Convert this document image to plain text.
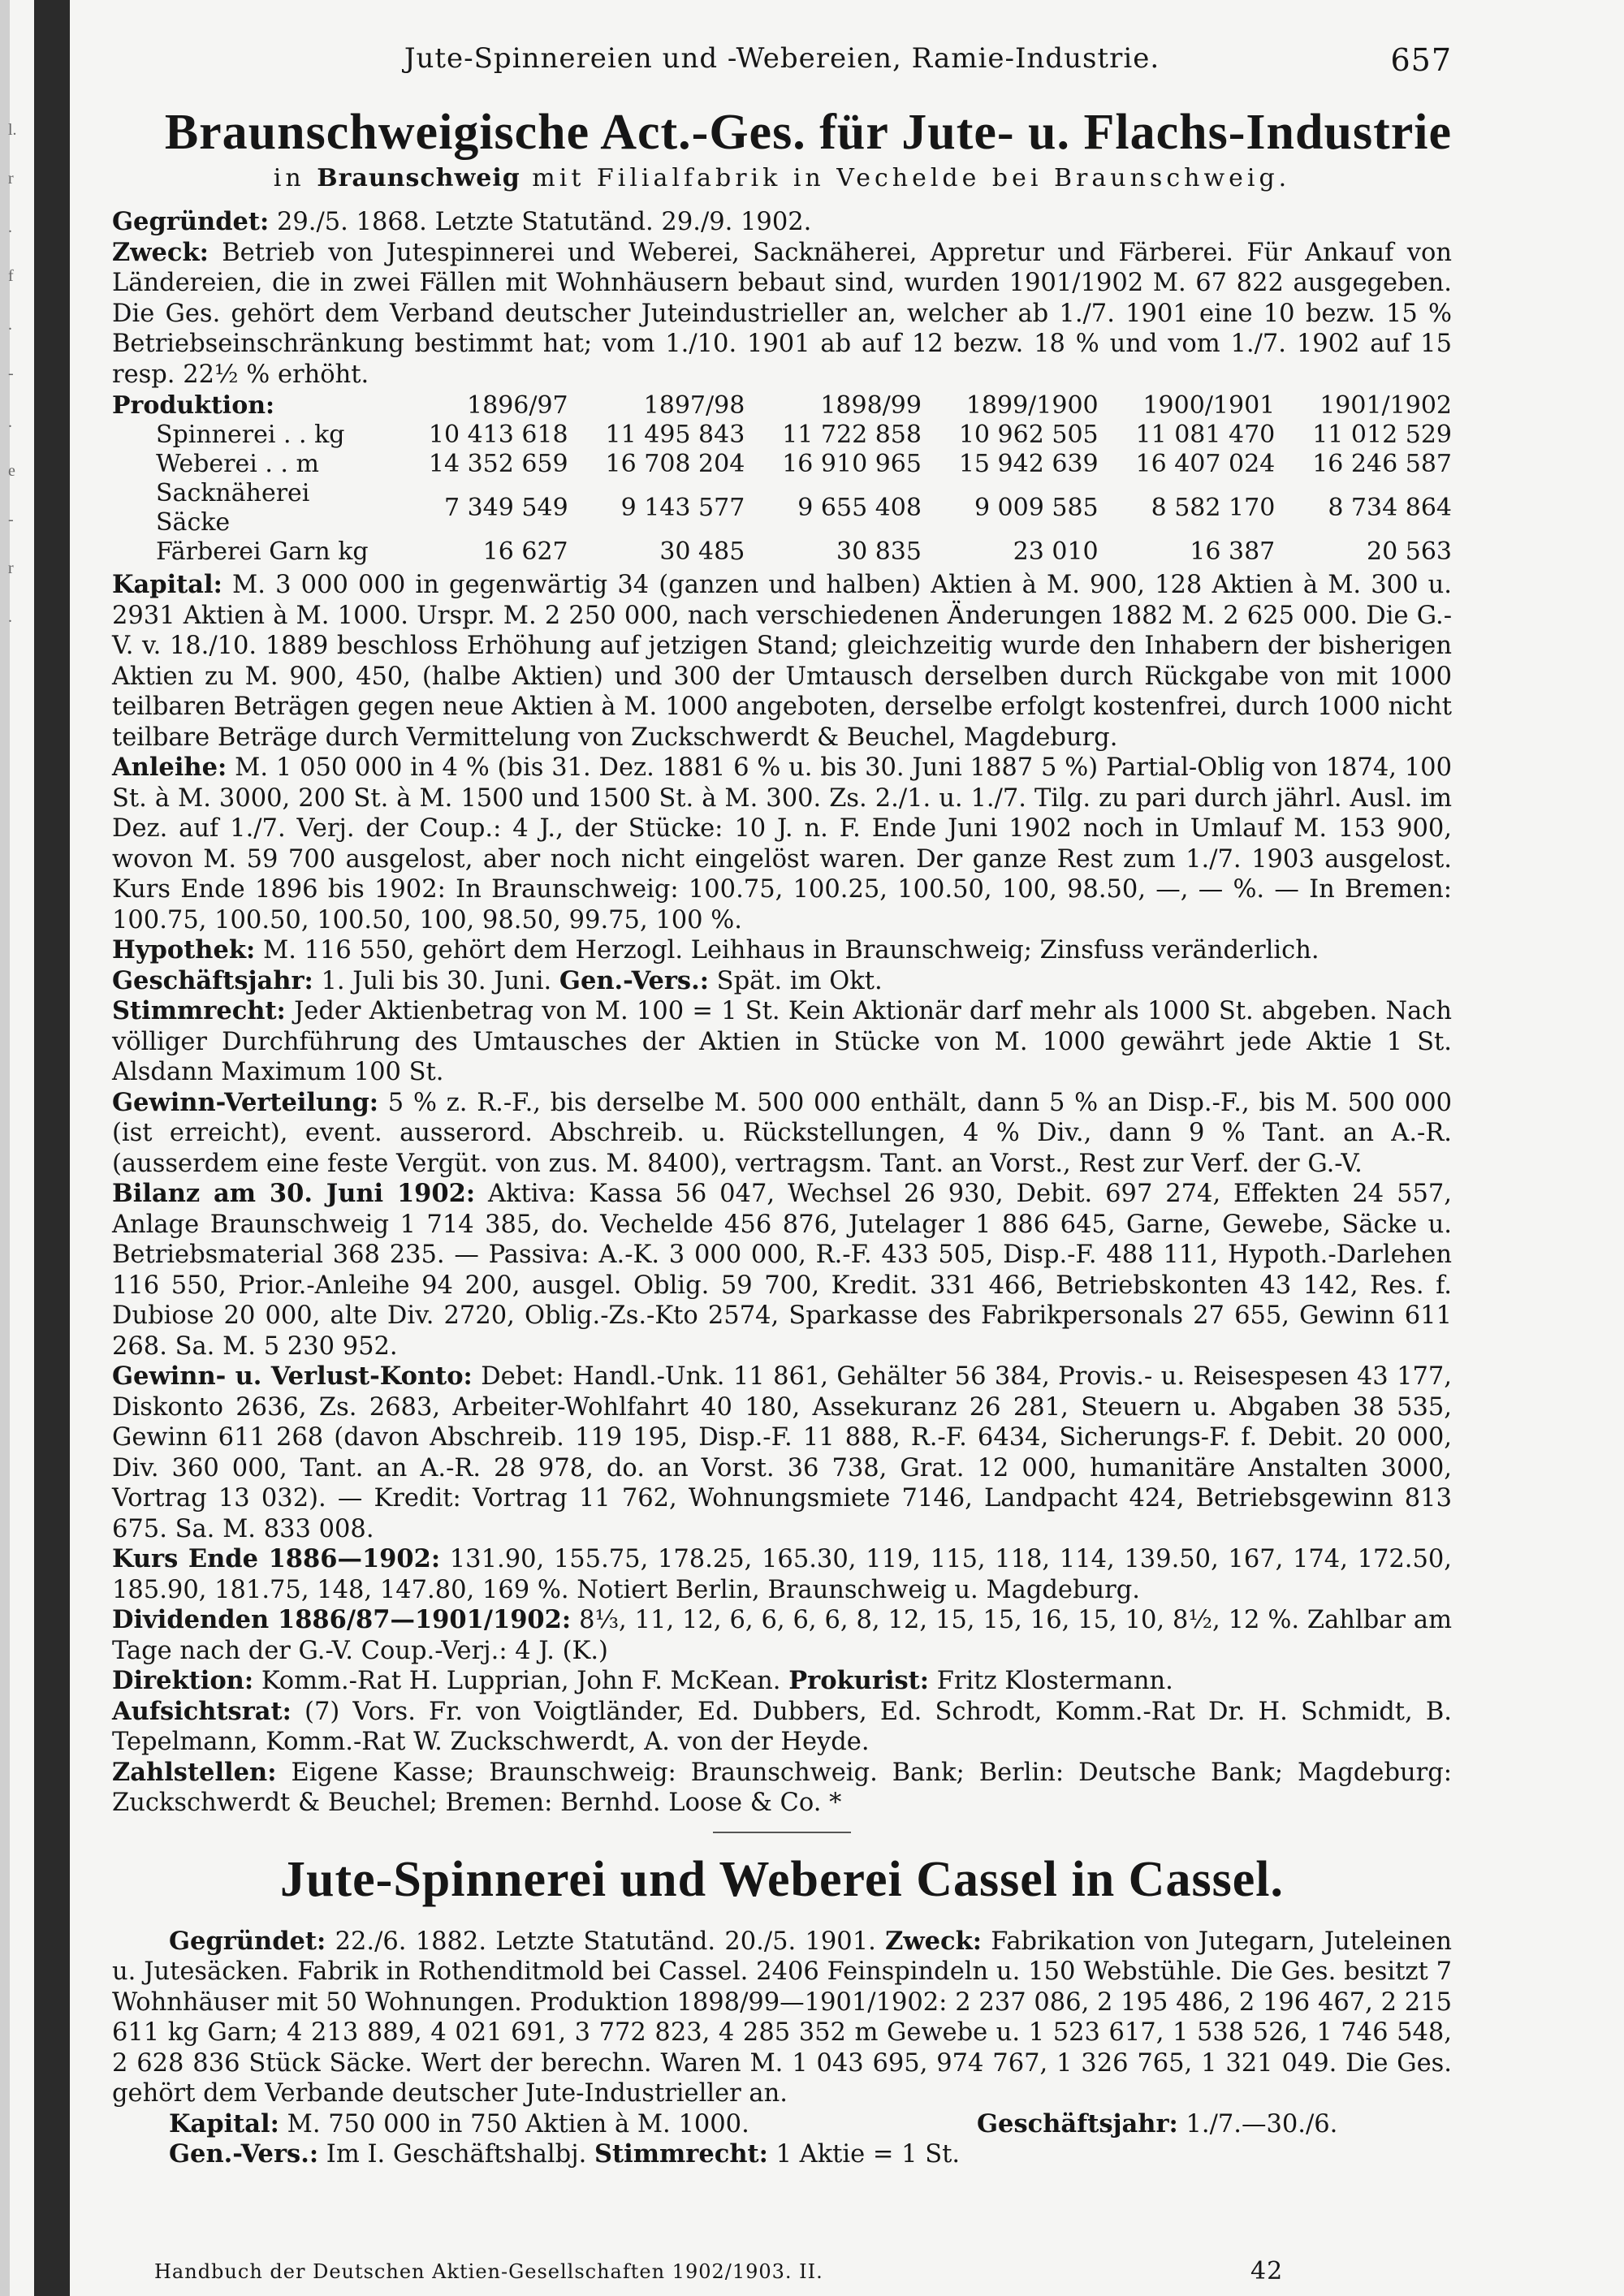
l.
r
.
f
.
-
.
e
-
r
.
Jute-Spinnereien und -Webereien, Ramie-Industrie.	657
Braunschweigische Act.-Ges. für Jute- u. Flachs-Industrie
in Braunschweig mit Filialfabrik in Vechelde bei Braunschweig.
Gegründet: 29./5. 1868. Letzte Statutänd. 29./9. 1902.
Zweck: Betrieb von Jutespinnerei und Weberei, Sacknäherei, Appretur und Färberei. Für Ankauf von Ländereien, die in zwei Fällen mit Wohnhäusern bebaut sind, wurden 1901/1902 M. 67 822 ausgegeben. Die Ges. gehört dem Verband deutscher Juteindustrieller an, welcher ab 1./7. 1901 eine 10 bezw. 15 % Betriebseinschränkung bestimmt hat; vom 1./10. 1901 ab auf 12 bezw. 18 % und vom 1./7. 1902 auf 15 resp. 22½ % erhöht.
Produktion:	1896/97	1897/98	1898/99	1899/1900	1900/1901	1901/1902
Spinnerei . . kg	10 413 618	11 495 843	11 722 858	10 962 505	11 081 470	11 012 529
Weberei . . m	14 352 659	16 708 204	16 910 965	15 942 639	16 407 024	16 246 587
Sacknäherei Säcke	7 349 549	9 143 577	9 655 408	9 009 585	8 582 170	8 734 864
Färberei Garn kg	16 627	30 485	30 835	23 010	16 387	20 563
Kapital: M. 3 000 000 in gegenwärtig 34 (ganzen und halben) Aktien à M. 900, 128 Aktien à M. 300 u. 2931 Aktien à M. 1000. Urspr. M. 2 250 000, nach verschiedenen Änderungen 1882 M. 2 625 000. Die G.-V. v. 18./10. 1889 beschloss Erhöhung auf jetzigen Stand; gleichzeitig wurde den Inhabern der bisherigen Aktien zu M. 900, 450, (halbe Aktien) und 300 der Umtausch derselben durch Rückgabe von mit 1000 teilbaren Beträgen gegen neue Aktien à M. 1000 angeboten, derselbe erfolgt kostenfrei, durch 1000 nicht teilbare Beträge durch Vermittelung von Zuckschwerdt & Beuchel, Magdeburg.
Anleihe: M. 1 050 000 in 4 % (bis 31. Dez. 1881 6 % u. bis 30. Juni 1887 5 %) Partial-Oblig von 1874, 100 St. à M. 3000, 200 St. à M. 1500 und 1500 St. à M. 300. Zs. 2./1. u. 1./7. Tilg. zu pari durch jährl. Ausl. im Dez. auf 1./7. Verj. der Coup.: 4 J., der Stücke: 10 J. n. F. Ende Juni 1902 noch in Umlauf M. 153 900, wovon M. 59 700 ausgelost, aber noch nicht eingelöst waren. Der ganze Rest zum 1./7. 1903 ausgelost. Kurs Ende 1896 bis 1902: In Braunschweig: 100.75, 100.25, 100.50, 100, 98.50, —, — %. — In Bremen: 100.75, 100.50, 100.50, 100, 98.50, 99.75, 100 %.
Hypothek: M. 116 550, gehört dem Herzogl. Leihhaus in Braunschweig; Zinsfuss veränderlich.
Geschäftsjahr: 1. Juli bis 30. Juni. Gen.-Vers.: Spät. im Okt.
Stimmrecht: Jeder Aktienbetrag von M. 100 = 1 St. Kein Aktionär darf mehr als 1000 St. abgeben. Nach völliger Durchführung des Umtausches der Aktien in Stücke von M. 1000 gewährt jede Aktie 1 St. Alsdann Maximum 100 St.
Gewinn-Verteilung: 5 % z. R.-F., bis derselbe M. 500 000 enthält, dann 5 % an Disp.-F., bis M. 500 000 (ist erreicht), event. ausserord. Abschreib. u. Rückstellungen, 4 % Div., dann 9 % Tant. an A.-R. (ausserdem eine feste Vergüt. von zus. M. 8400), vertragsm. Tant. an Vorst., Rest zur Verf. der G.-V.
Bilanz am 30. Juni 1902: Aktiva: Kassa 56 047, Wechsel 26 930, Debit. 697 274, Effekten 24 557, Anlage Braunschweig 1 714 385, do. Vechelde 456 876, Jutelager 1 886 645, Garne, Gewebe, Säcke u. Betriebsmaterial 368 235. — Passiva: A.-K. 3 000 000, R.-F. 433 505, Disp.-F. 488 111, Hypoth.-Darlehen 116 550, Prior.-Anleihe 94 200, ausgel. Oblig. 59 700, Kredit. 331 466, Betriebskonten 43 142, Res. f. Dubiose 20 000, alte Div. 2720, Oblig.-Zs.-Kto 2574, Sparkasse des Fabrikpersonals 27 655, Gewinn 611 268. Sa. M. 5 230 952.
Gewinn- u. Verlust-Konto: Debet: Handl.-Unk. 11 861, Gehälter 56 384, Provis.- u. Reisespesen 43 177, Diskonto 2636, Zs. 2683, Arbeiter-Wohlfahrt 40 180, Assekuranz 26 281, Steuern u. Abgaben 38 535, Gewinn 611 268 (davon Abschreib. 119 195, Disp.-F. 11 888, R.-F. 6434, Sicherungs-F. f. Debit. 20 000, Div. 360 000, Tant. an A.-R. 28 978, do. an Vorst. 36 738, Grat. 12 000, humanitäre Anstalten 3000, Vortrag 13 032). — Kredit: Vortrag 11 762, Wohnungsmiete 7146, Landpacht 424, Betriebsgewinn 813 675. Sa. M. 833 008.
Kurs Ende 1886—1902: 131.90, 155.75, 178.25, 165.30, 119, 115, 118, 114, 139.50, 167, 174, 172.50, 185.90, 181.75, 148, 147.80, 169 %. Notiert Berlin, Braunschweig u. Magdeburg.
Dividenden 1886/87—1901/1902: 8⅓, 11, 12, 6, 6, 6, 6, 8, 12, 15, 15, 16, 15, 10, 8½, 12 %. Zahlbar am Tage nach der G.-V. Coup.-Verj.: 4 J. (K.)
Direktion: Komm.-Rat H. Lupprian, John F. McKean. Prokurist: Fritz Klostermann.
Aufsichtsrat: (7) Vors. Fr. von Voigtländer, Ed. Dubbers, Ed. Schrodt, Komm.-Rat Dr. H. Schmidt, B. Tepelmann, Komm.-Rat W. Zuckschwerdt, A. von der Heyde.
Zahlstellen: Eigene Kasse; Braunschweig: Braunschweig. Bank; Berlin: Deutsche Bank; Magdeburg: Zuckschwerdt & Beuchel; Bremen: Bernhd. Loose & Co. *
Jute-Spinnerei und Weberei Cassel in Cassel.
Gegründet: 22./6. 1882. Letzte Statutänd. 20./5. 1901. Zweck: Fabrikation von Jutegarn, Juteleinen u. Jutesäcken. Fabrik in Rothenditmold bei Cassel. 2406 Feinspindeln u. 150 Webstühle. Die Ges. besitzt 7 Wohnhäuser mit 50 Wohnungen. Produktion 1898/99—1901/1902: 2 237 086, 2 195 486, 2 196 467, 2 215 611 kg Garn; 4 213 889, 4 021 691, 3 772 823, 4 285 352 m Gewebe u. 1 523 617, 1 538 526, 1 746 548, 2 628 836 Stück Säcke. Wert der berechn. Waren M. 1 043 695, 974 767, 1 326 765, 1 321 049. Die Ges. gehört dem Verbande deutscher Jute-Industrieller an.
Kapital: M. 750 000 in 750 Aktien à M. 1000.	Geschäftsjahr: 1./7.—30./6.
Gen.-Vers.: Im I. Geschäftshalbj. Stimmrecht: 1 Aktie = 1 St.
Handbuch der Deutschen Aktien-Gesellschaften 1902/1903. II.	42
